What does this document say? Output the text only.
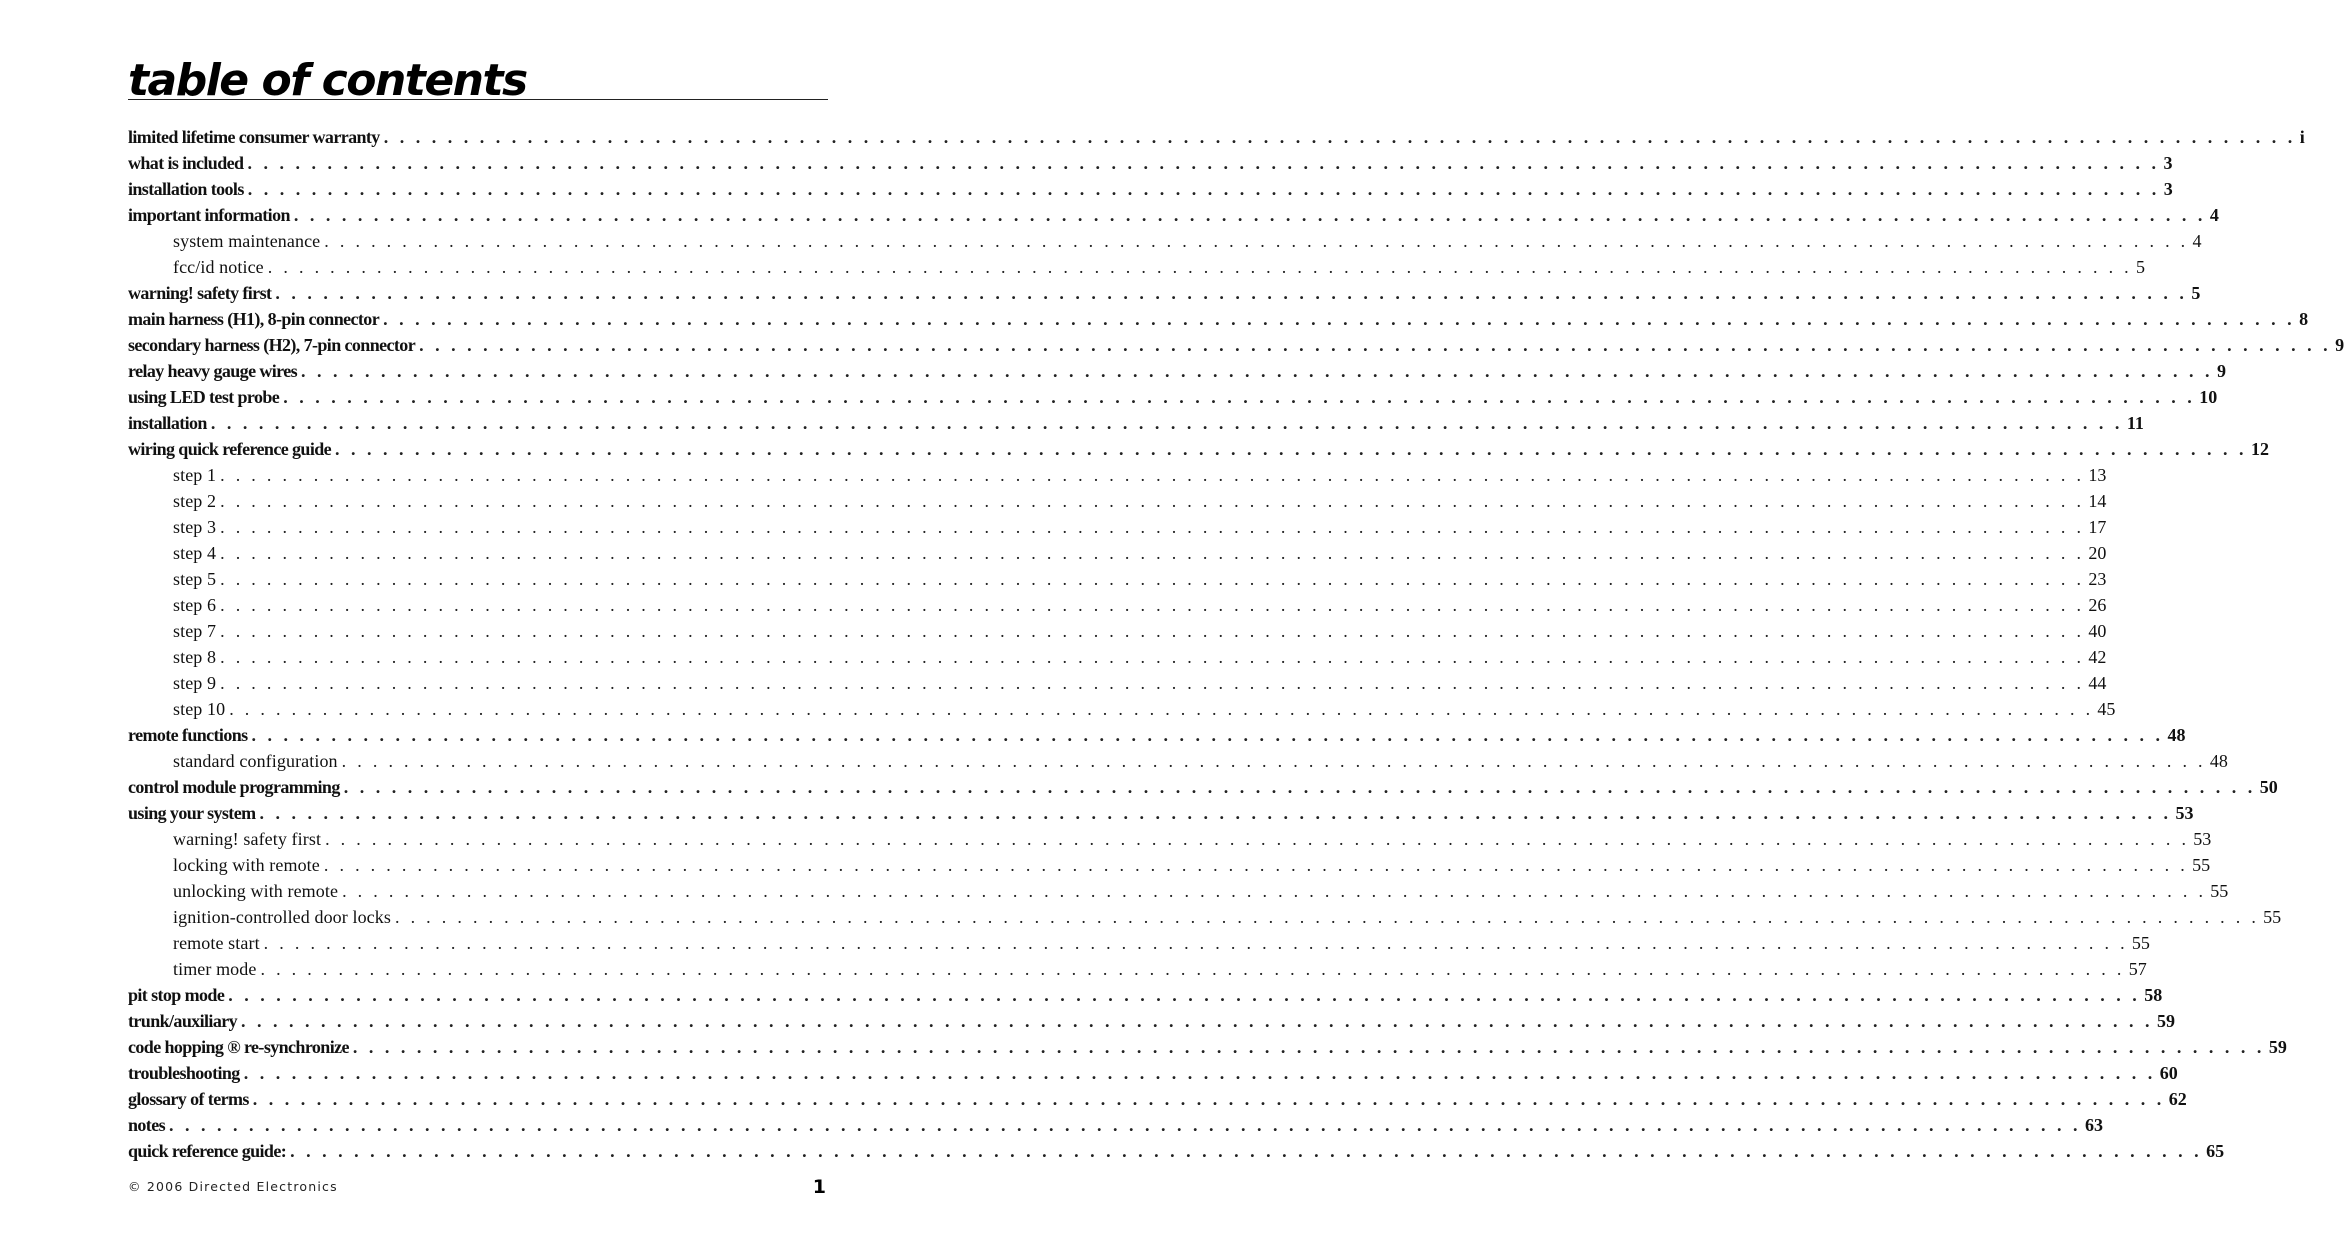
table of contents
limited lifetime consumer warranty . . . . . . . . . . . . . . . . . . . . . . . . . . . . . . . . . . . . . . . . . . . . . . . . . . . . . . . . . . . . . . . . . . . . . . . . . . . . . . . . . . . . . . . . . . . . . . . . . . . . . . . . . . . . . . . . . . . . . . . . i
what is included . . . . . . . . . . . . . . . . . . . . . . . . . . . . . . . . . . . . . . . . . . . . . . . . . . . . . . . . . . . . . . . . . . . . . . . . . . . . . . . . . . . . . . . . . . . . . . . . . . . . . . . . . . . . . . . . . . . . . . . . 3
installation tools . . . . . . . . . . . . . . . . . . . . . . . . . . . . . . . . . . . . . . . . . . . . . . . . . . . . . . . . . . . . . . . . . . . . . . . . . . . . . . . . . . . . . . . . . . . . . . . . . . . . . . . . . . . . . . . . . . . . . . . . 3
important information . . . . . . . . . . . . . . . . . . . . . . . . . . . . . . . . . . . . . . . . . . . . . . . . . . . . . . . . . . . . . . . . . . . . . . . . . . . . . . . . . . . . . . . . . . . . . . . . . . . . . . . . . . . . . . . . . . . . . . . . 4
system maintenance . . . . . . . . . . . . . . . . . . . . . . . . . . . . . . . . . . . . . . . . . . . . . . . . . . . . . . . . . . . . . . . . . . . . . . . . . . . . . . . . . . . . . . . . . . . . . . . . . . . . . . . . . . . . . . . . . . . . . . . . 4
fcc/id notice . . . . . . . . . . . . . . . . . . . . . . . . . . . . . . . . . . . . . . . . . . . . . . . . . . . . . . . . . . . . . . . . . . . . . . . . . . . . . . . . . . . . . . . . . . . . . . . . . . . . . . . . . . . . . . . . . . . . . . . . 5
warning! safety first . . . . . . . . . . . . . . . . . . . . . . . . . . . . . . . . . . . . . . . . . . . . . . . . . . . . . . . . . . . . . . . . . . . . . . . . . . . . . . . . . . . . . . . . . . . . . . . . . . . . . . . . . . . . . . . . . . . . . . . . 5
main harness (H1), 8-pin connector . . . . . . . . . . . . . . . . . . . . . . . . . . . . . . . . . . . . . . . . . . . . . . . . . . . . . . . . . . . . . . . . . . . . . . . . . . . . . . . . . . . . . . . . . . . . . . . . . . . . . . . . . . . . . . . . . . . . . . . . 8
secondary harness (H2), 7-pin connector . . . . . . . . . . . . . . . . . . . . . . . . . . . . . . . . . . . . . . . . . . . . . . . . . . . . . . . . . . . . . . . . . . . . . . . . . . . . . . . . . . . . . . . . . . . . . . . . . . . . . . . . . . . . . . . . . . . . . . . . 9
relay heavy gauge wires . . . . . . . . . . . . . . . . . . . . . . . . . . . . . . . . . . . . . . . . . . . . . . . . . . . . . . . . . . . . . . . . . . . . . . . . . . . . . . . . . . . . . . . . . . . . . . . . . . . . . . . . . . . . . . . . . . . . . . . . 9
using LED test probe . . . . . . . . . . . . . . . . . . . . . . . . . . . . . . . . . . . . . . . . . . . . . . . . . . . . . . . . . . . . . . . . . . . . . . . . . . . . . . . . . . . . . . . . . . . . . . . . . . . . . . . . . . . . . . . . . . . . . . . . 10
installation . . . . . . . . . . . . . . . . . . . . . . . . . . . . . . . . . . . . . . . . . . . . . . . . . . . . . . . . . . . . . . . . . . . . . . . . . . . . . . . . . . . . . . . . . . . . . . . . . . . . . . . . . . . . . . . . . . . . . . . . 11
wiring quick reference guide . . . . . . . . . . . . . . . . . . . . . . . . . . . . . . . . . . . . . . . . . . . . . . . . . . . . . . . . . . . . . . . . . . . . . . . . . . . . . . . . . . . . . . . . . . . . . . . . . . . . . . . . . . . . . . . . . . . . . . . . 12
step 1 . . . . . . . . . . . . . . . . . . . . . . . . . . . . . . . . . . . . . . . . . . . . . . . . . . . . . . . . . . . . . . . . . . . . . . . . . . . . . . . . . . . . . . . . . . . . . . . . . . . . . . . . . . . . . . . . . . . . . . . . 13
step 2 . . . . . . . . . . . . . . . . . . . . . . . . . . . . . . . . . . . . . . . . . . . . . . . . . . . . . . . . . . . . . . . . . . . . . . . . . . . . . . . . . . . . . . . . . . . . . . . . . . . . . . . . . . . . . . . . . . . . . . . . 14
step 3 . . . . . . . . . . . . . . . . . . . . . . . . . . . . . . . . . . . . . . . . . . . . . . . . . . . . . . . . . . . . . . . . . . . . . . . . . . . . . . . . . . . . . . . . . . . . . . . . . . . . . . . . . . . . . . . . . . . . . . . . 17
step 4 . . . . . . . . . . . . . . . . . . . . . . . . . . . . . . . . . . . . . . . . . . . . . . . . . . . . . . . . . . . . . . . . . . . . . . . . . . . . . . . . . . . . . . . . . . . . . . . . . . . . . . . . . . . . . . . . . . . . . . . . 20
step 5 . . . . . . . . . . . . . . . . . . . . . . . . . . . . . . . . . . . . . . . . . . . . . . . . . . . . . . . . . . . . . . . . . . . . . . . . . . . . . . . . . . . . . . . . . . . . . . . . . . . . . . . . . . . . . . . . . . . . . . . . 23
step 6 . . . . . . . . . . . . . . . . . . . . . . . . . . . . . . . . . . . . . . . . . . . . . . . . . . . . . . . . . . . . . . . . . . . . . . . . . . . . . . . . . . . . . . . . . . . . . . . . . . . . . . . . . . . . . . . . . . . . . . . . 26
step 7 . . . . . . . . . . . . . . . . . . . . . . . . . . . . . . . . . . . . . . . . . . . . . . . . . . . . . . . . . . . . . . . . . . . . . . . . . . . . . . . . . . . . . . . . . . . . . . . . . . . . . . . . . . . . . . . . . . . . . . . . 40
step 8 . . . . . . . . . . . . . . . . . . . . . . . . . . . . . . . . . . . . . . . . . . . . . . . . . . . . . . . . . . . . . . . . . . . . . . . . . . . . . . . . . . . . . . . . . . . . . . . . . . . . . . . . . . . . . . . . . . . . . . . . 42
step 9 . . . . . . . . . . . . . . . . . . . . . . . . . . . . . . . . . . . . . . . . . . . . . . . . . . . . . . . . . . . . . . . . . . . . . . . . . . . . . . . . . . . . . . . . . . . . . . . . . . . . . . . . . . . . . . . . . . . . . . . . 44
step 10 . . . . . . . . . . . . . . . . . . . . . . . . . . . . . . . . . . . . . . . . . . . . . . . . . . . . . . . . . . . . . . . . . . . . . . . . . . . . . . . . . . . . . . . . . . . . . . . . . . . . . . . . . . . . . . . . . . . . . . . . 45
remote functions . . . . . . . . . . . . . . . . . . . . . . . . . . . . . . . . . . . . . . . . . . . . . . . . . . . . . . . . . . . . . . . . . . . . . . . . . . . . . . . . . . . . . . . . . . . . . . . . . . . . . . . . . . . . . . . . . . . . . . . . 48
standard configuration . . . . . . . . . . . . . . . . . . . . . . . . . . . . . . . . . . . . . . . . . . . . . . . . . . . . . . . . . . . . . . . . . . . . . . . . . . . . . . . . . . . . . . . . . . . . . . . . . . . . . . . . . . . . . . . . . . . . . . . . 48
control module programming . . . . . . . . . . . . . . . . . . . . . . . . . . . . . . . . . . . . . . . . . . . . . . . . . . . . . . . . . . . . . . . . . . . . . . . . . . . . . . . . . . . . . . . . . . . . . . . . . . . . . . . . . . . . . . . . . . . . . . . . 50
using your system . . . . . . . . . . . . . . . . . . . . . . . . . . . . . . . . . . . . . . . . . . . . . . . . . . . . . . . . . . . . . . . . . . . . . . . . . . . . . . . . . . . . . . . . . . . . . . . . . . . . . . . . . . . . . . . . . . . . . . . . 53
warning! safety first . . . . . . . . . . . . . . . . . . . . . . . . . . . . . . . . . . . . . . . . . . . . . . . . . . . . . . . . . . . . . . . . . . . . . . . . . . . . . . . . . . . . . . . . . . . . . . . . . . . . . . . . . . . . . . . . . . . . . . . . 53
locking with remote . . . . . . . . . . . . . . . . . . . . . . . . . . . . . . . . . . . . . . . . . . . . . . . . . . . . . . . . . . . . . . . . . . . . . . . . . . . . . . . . . . . . . . . . . . . . . . . . . . . . . . . . . . . . . . . . . . . . . . . . 55
unlocking with remote . . . . . . . . . . . . . . . . . . . . . . . . . . . . . . . . . . . . . . . . . . . . . . . . . . . . . . . . . . . . . . . . . . . . . . . . . . . . . . . . . . . . . . . . . . . . . . . . . . . . . . . . . . . . . . . . . . . . . . . . 55
ignition-controlled door locks . . . . . . . . . . . . . . . . . . . . . . . . . . . . . . . . . . . . . . . . . . . . . . . . . . . . . . . . . . . . . . . . . . . . . . . . . . . . . . . . . . . . . . . . . . . . . . . . . . . . . . . . . . . . . . . . . . . . . . . . 55
remote start . . . . . . . . . . . . . . . . . . . . . . . . . . . . . . . . . . . . . . . . . . . . . . . . . . . . . . . . . . . . . . . . . . . . . . . . . . . . . . . . . . . . . . . . . . . . . . . . . . . . . . . . . . . . . . . . . . . . . . . . 55
timer mode . . . . . . . . . . . . . . . . . . . . . . . . . . . . . . . . . . . . . . . . . . . . . . . . . . . . . . . . . . . . . . . . . . . . . . . . . . . . . . . . . . . . . . . . . . . . . . . . . . . . . . . . . . . . . . . . . . . . . . . . 57
pit stop mode . . . . . . . . . . . . . . . . . . . . . . . . . . . . . . . . . . . . . . . . . . . . . . . . . . . . . . . . . . . . . . . . . . . . . . . . . . . . . . . . . . . . . . . . . . . . . . . . . . . . . . . . . . . . . . . . . . . . . . . . 58
trunk/auxiliary . . . . . . . . . . . . . . . . . . . . . . . . . . . . . . . . . . . . . . . . . . . . . . . . . . . . . . . . . . . . . . . . . . . . . . . . . . . . . . . . . . . . . . . . . . . . . . . . . . . . . . . . . . . . . . . . . . . . . . . . 59
code hopping ® re-synchronize . . . . . . . . . . . . . . . . . . . . . . . . . . . . . . . . . . . . . . . . . . . . . . . . . . . . . . . . . . . . . . . . . . . . . . . . . . . . . . . . . . . . . . . . . . . . . . . . . . . . . . . . . . . . . . . . . . . . . . . . 59
troubleshooting . . . . . . . . . . . . . . . . . . . . . . . . . . . . . . . . . . . . . . . . . . . . . . . . . . . . . . . . . . . . . . . . . . . . . . . . . . . . . . . . . . . . . . . . . . . . . . . . . . . . . . . . . . . . . . . . . . . . . . . . 60
glossary of terms . . . . . . . . . . . . . . . . . . . . . . . . . . . . . . . . . . . . . . . . . . . . . . . . . . . . . . . . . . . . . . . . . . . . . . . . . . . . . . . . . . . . . . . . . . . . . . . . . . . . . . . . . . . . . . . . . . . . . . . . 62
notes . . . . . . . . . . . . . . . . . . . . . . . . . . . . . . . . . . . . . . . . . . . . . . . . . . . . . . . . . . . . . . . . . . . . . . . . . . . . . . . . . . . . . . . . . . . . . . . . . . . . . . . . . . . . . . . . . . . . . . . . 63
quick reference guide: . . . . . . . . . . . . . . . . . . . . . . . . . . . . . . . . . . . . . . . . . . . . . . . . . . . . . . . . . . . . . . . . . . . . . . . . . . . . . . . . . . . . . . . . . . . . . . . . . . . . . . . . . . . . . . . . . . . . . . . . 65
© 2006 Directed Electronics	1
